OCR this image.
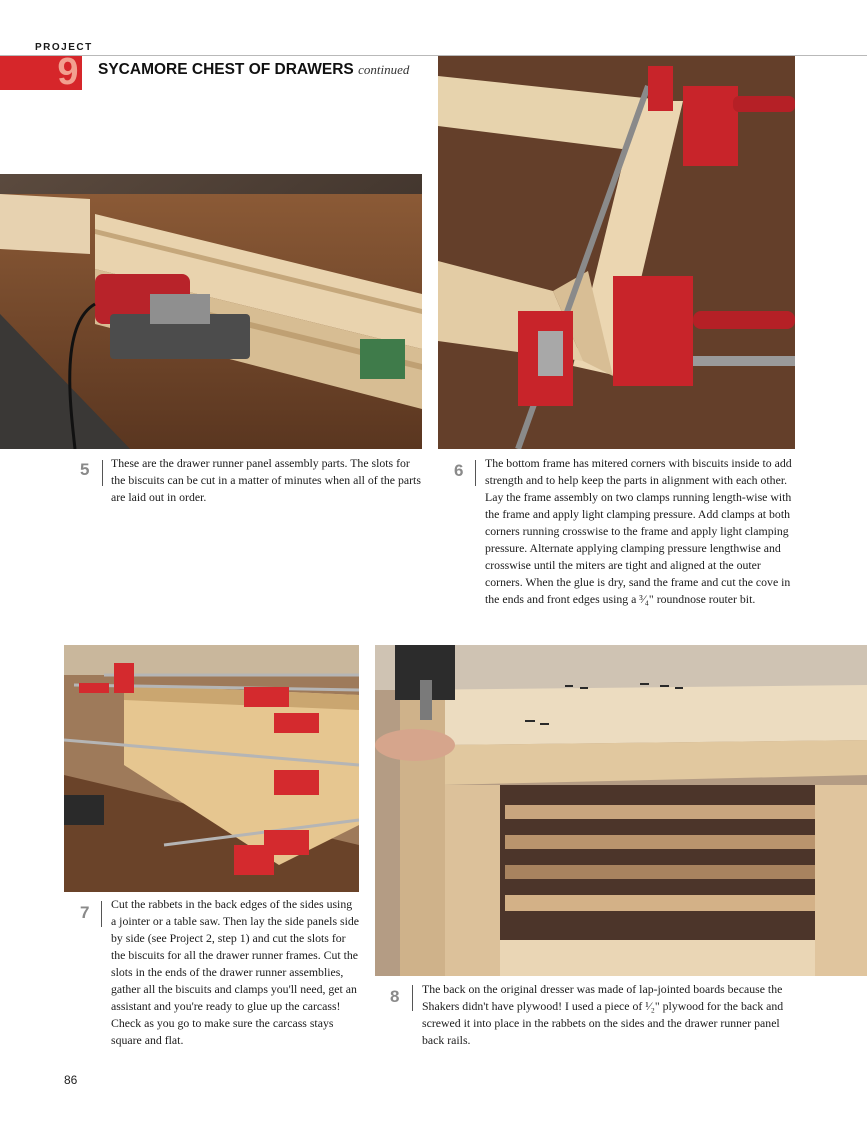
PROJECT
9	SYCAMORE CHEST OF DRAWERS continued
5 These are the drawer runner panel assembly parts. The slots for the biscuits can be cut in a matter of minutes when all of the parts are laid out in order.
6 The bottom frame has mitered corners with biscuits inside to add strength and to help keep the parts in alignment with each other. Lay the frame assembly on two clamps running length-wise with the frame and apply light clamping pressure. Add clamps at both corners running crosswise to the frame and apply light clamping pressure. Alternate applying clamping pressure lengthwise and crosswise until the miters are tight and aligned at the outer corners. When the glue is dry, sand the frame and cut the cove in the ends and front edges using a ³⁄₄" roundnose router bit.
7 Cut the rabbets in the back edges of the sides using a jointer or a table saw. Then lay the side panels side by side (see Project 2, step 1) and cut the slots for the biscuits for all the drawer runner frames. Cut the slots in the ends of the drawer runner assemblies, gather all the biscuits and clamps you'll need, get an assistant and you're ready to glue up the carcass! Check as you go to make sure the carcass stays square and flat.
8 The back on the original dresser was made of lap-jointed boards because the Shakers didn't have plywood! I used a piece of ¹⁄₂" plywood for the back and screwed it into place in the rabbets on the sides and the drawer runner panel back rails.
86
